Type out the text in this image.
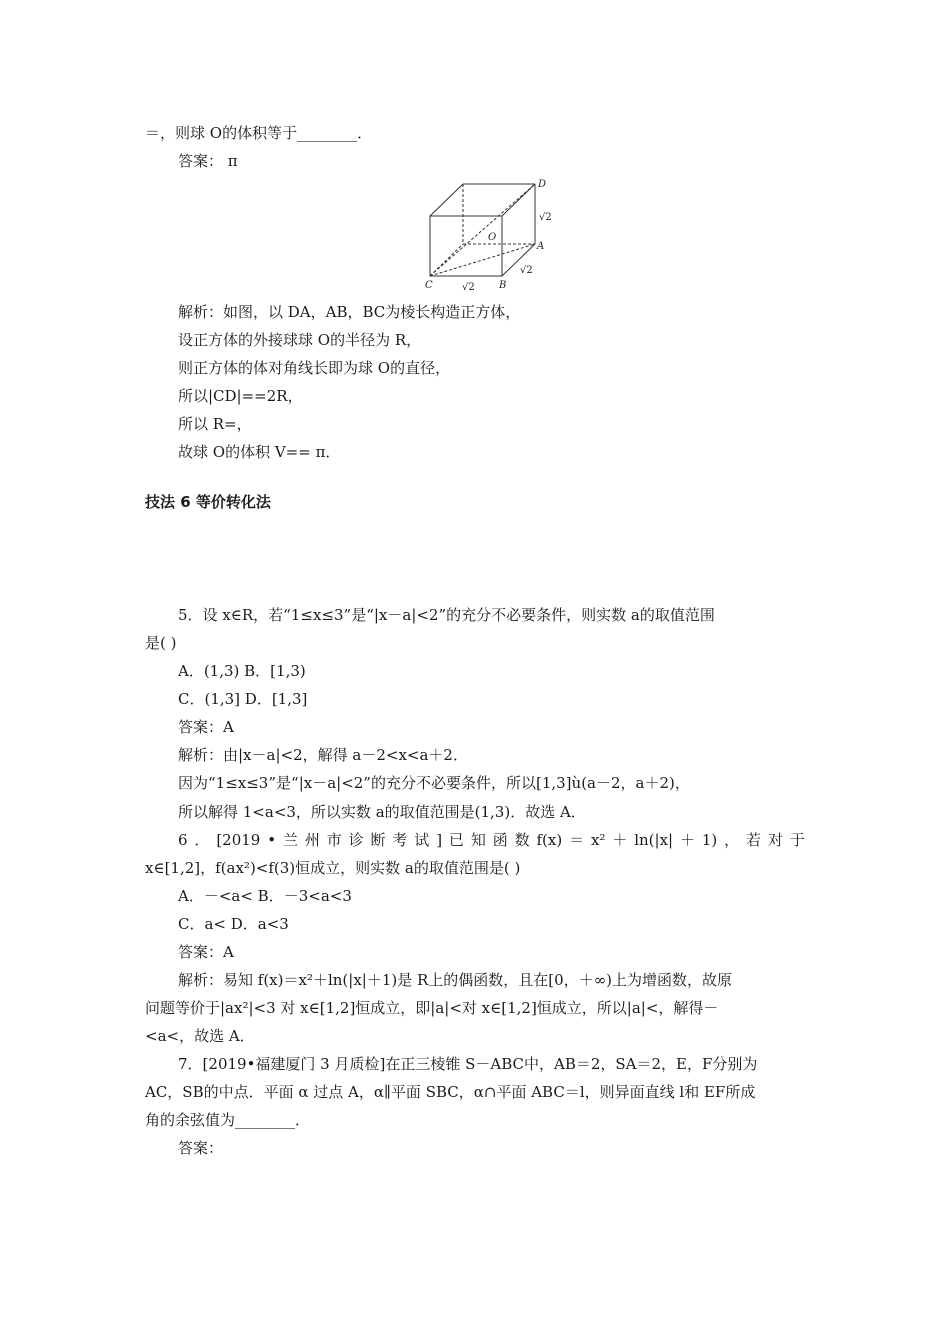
＝，则球 O的体积等于________．
答案： π
D
O
A
B
C
√2
√2
√2
解析：如图，以 DA，AB，BC为棱长构造正方体，
设正方体的外接球球 O的半径为 R，
则正方体的体对角线长即为球 O的直径，
所以|CD|==2R，
所以 R=，
故球 O的体积 V== π．
技法 6 等价转化法
5．设 x∈R，若“1≤x≤3”是“|x－a|<2”的充分不必要条件，则实数 a的取值范围
是( )
A．(1,3) B．[1,3)
C．(1,3] D．[1,3]
答案：A
解析：由|x－a|<2，解得 a－2<x<a＋2．
因为“1≤x≤3”是“|x－a|<2”的充分不必要条件，所以[1,3]ù(a－2，a＋2)，
所以解得 1<a<3，所以实数 a的取值范围是(1,3)．故选 A．
6 ． [2019 • 兰 州 市 诊 断 考 试 ] 已 知 函 数 f(x) ＝ x² ＋ ln(|x| ＋ 1) ， 若 对 于
x∈[1,2]，f(ax²)<f(3)恒成立，则实数 a的取值范围是( )
A．－<a< B．－3<a<3
C．a< D．a<3
答案：A
解析：易知 f(x)＝x²＋ln(|x|＋1)是 R上的偶函数，且在[0，＋∞)上为增函数，故原
问题等价于|ax²|<3 对 x∈[1,2]恒成立，即|a|<对 x∈[1,2]恒成立，所以|a|<，解得－
<a<，故选 A．
7．[2019•福建厦门 3 月质检]在正三棱锥 S－ABC中，AB＝2，SA＝2，E，F分别为
AC，SB的中点．平面 α 过点 A，α∥平面 SBC，α∩平面 ABC＝l，则异面直线 l和 EF所成
角的余弦值为________．
答案：
